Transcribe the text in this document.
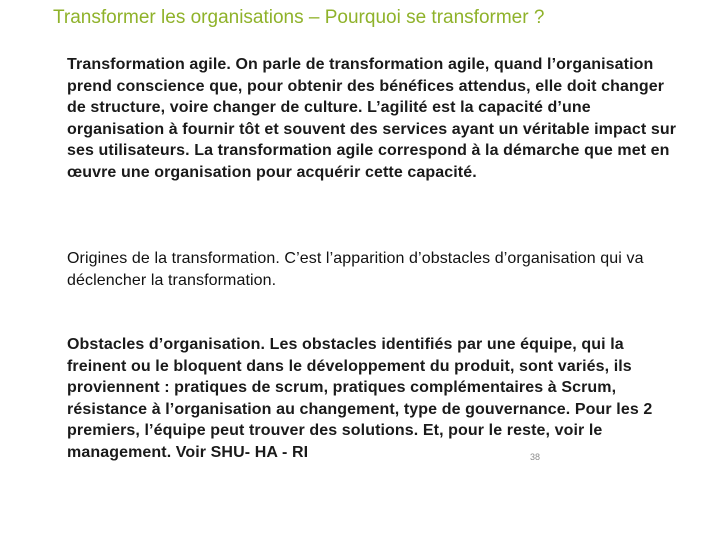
Transformer les organisations – Pourquoi se transformer ?

Transformation agile. On parle de transformation agile, quand l’organisation prend conscience que, pour obtenir des bénéfices attendus, elle doit changer de structure, voire changer de culture. L’agilité est la capacité d’une organisation à fournir tôt et souvent des services ayant un véritable impact sur ses utilisateurs. La transformation agile correspond à la démarche que met en œuvre une organisation pour acquérir cette capacité.

Origines de la transformation. C’est l’apparition d’obstacles d’organisation qui va déclencher la transformation.

Obstacles d’organisation. Les obstacles identifiés par une équipe, qui la freinent ou le bloquent dans le développement du produit, sont variés, ils proviennent : pratiques de scrum, pratiques complémentaires à Scrum, résistance à l’organisation au changement, type de gouvernance. Pour les 2 premiers, l’équipe peut trouver des solutions. Et, pour le reste, voir le management. Voir SHU- HA - RI	38
